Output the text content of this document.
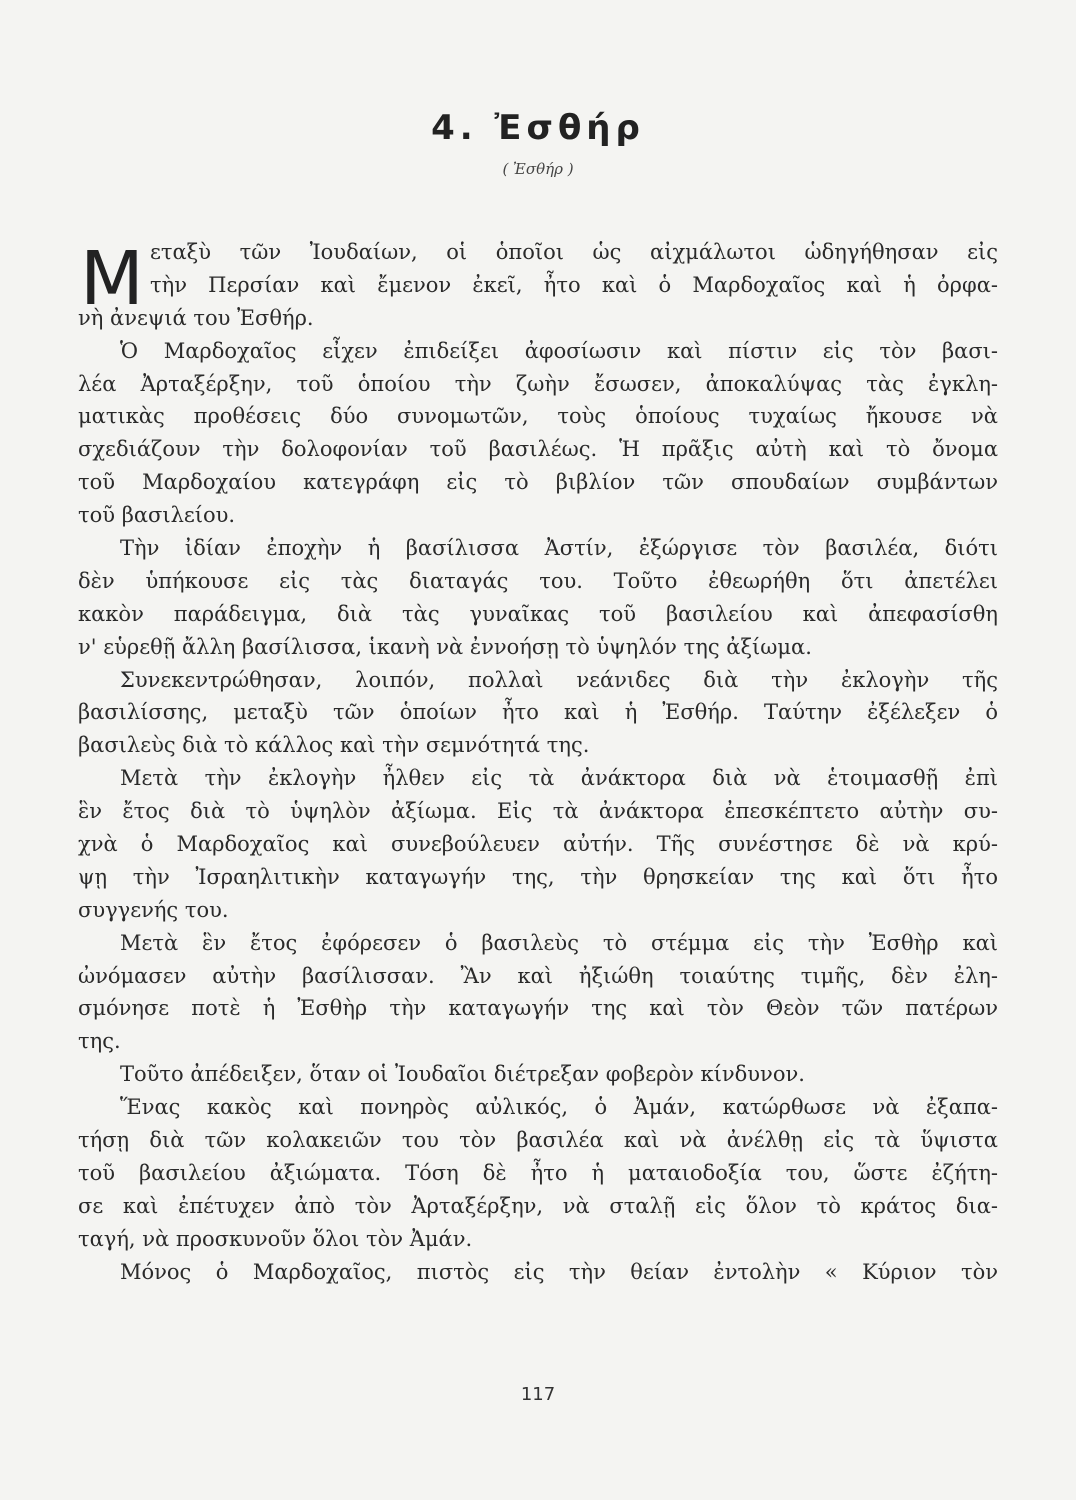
4. Ἐσθήρ
( Ἐσθήρ )
Μ εταξὺ τῶν Ἰουδαίων, οἱ ὁποῖοι ὡς αἰχμάλωτοι ὡδηγήθησαν εἰς
τὴν Περσίαν καὶ ἔμενον ἐκεῖ, ἦτο καὶ ὁ Μαρδοχαῖος καὶ ἡ ὀρφα-
νὴ ἀνεψιά του Ἐσθήρ.
Ὁ Μαρδοχαῖος εἶχεν ἐπιδείξει ἀφοσίωσιν καὶ πίστιν εἰς τὸν βασι-
λέα Ἀρταξέρξην, τοῦ ὁποίου τὴν ζωὴν ἔσωσεν, ἀποκαλύψας τὰς ἐγκλη-
ματικὰς προθέσεις δύο συνομωτῶν, τοὺς ὁποίους τυχαίως ἤκουσε νὰ
σχεδιάζουν τὴν δολοφονίαν τοῦ βασιλέως. Ἡ πρᾶξις αὐτὴ καὶ τὸ ὄνομα
τοῦ Μαρδοχαίου κατεγράφη εἰς τὸ βιβλίον τῶν σπουδαίων συμβάντων
τοῦ βασιλείου.
Τὴν ἰδίαν ἐποχὴν ἡ βασίλισσα Ἀστίν, ἐξώργισε τὸν βασιλέα, διότι
δὲν ὑπήκουσε εἰς τὰς διαταγάς του. Τοῦτο ἐθεωρήθη ὅτι ἀπετέλει
κακὸν παράδειγμα, διὰ τὰς γυναῖκας τοῦ βασιλείου καὶ ἀπεφασίσθη
ν' εὑρεθῇ ἄλλη βασίλισσα, ἱκανὴ νὰ ἐννοήσῃ τὸ ὑψηλόν της ἀξίωμα.
Συνεκεντρώθησαν, λοιπόν, πολλαὶ νεάνιδες διὰ τὴν ἐκλογὴν τῆς
βασιλίσσης, μεταξὺ τῶν ὁποίων ἦτο καὶ ἡ Ἐσθήρ. Ταύτην ἐξέλεξεν ὁ
βασιλεὺς διὰ τὸ κάλλος καὶ τὴν σεμνότητά της.
Μετὰ τὴν ἐκλογὴν ἦλθεν εἰς τὰ ἀνάκτορα διὰ νὰ ἑτοιμασθῇ ἐπὶ
ἓν ἔτος διὰ τὸ ὑψηλὸν ἀξίωμα. Εἰς τὰ ἀνάκτορα ἐπεσκέπτετο αὐτὴν συ-
χνὰ ὁ Μαρδοχαῖος καὶ συνεβούλευεν αὐτήν. Τῆς συνέστησε δὲ νὰ κρύ-
ψῃ τὴν Ἰσραηλιτικὴν καταγωγήν της, τὴν θρησκείαν της καὶ ὅτι ἦτο
συγγενής του.
Μετὰ ἓν ἔτος ἐφόρεσεν ὁ βασιλεὺς τὸ στέμμα εἰς τὴν Ἐσθὴρ καὶ
ὠνόμασεν αὐτὴν βασίλισσαν. Ἂν καὶ ἠξιώθη τοιαύτης τιμῆς, δὲν ἐλη-
σμόνησε ποτὲ ἡ Ἐσθὴρ τὴν καταγωγήν της καὶ τὸν Θεὸν τῶν πατέρων
της.
Τοῦτο ἀπέδειξεν, ὅταν οἱ Ἰουδαῖοι διέτρεξαν φοβερὸν κίνδυνον.
Ἕνας κακὸς καὶ πονηρὸς αὐλικός, ὁ Ἀμάν, κατώρθωσε νὰ ἐξαπα-
τήσῃ διὰ τῶν κολακειῶν του τὸν βασιλέα καὶ νὰ ἀνέλθῃ εἰς τὰ ὕψιστα
τοῦ βασιλείου ἀξιώματα. Τόση δὲ ἦτο ἡ ματαιοδοξία του, ὥστε ἐζήτη-
σε καὶ ἐπέτυχεν ἀπὸ τὸν Ἀρταξέρξην, νὰ σταλῇ εἰς ὅλον τὸ κράτος δια-
ταγή, νὰ προσκυνοῦν ὅλοι τὸν Ἀμάν.
Μόνος ὁ Μαρδοχαῖος, πιστὸς εἰς τὴν θείαν ἐντολὴν « Κύριον τὸν
117
